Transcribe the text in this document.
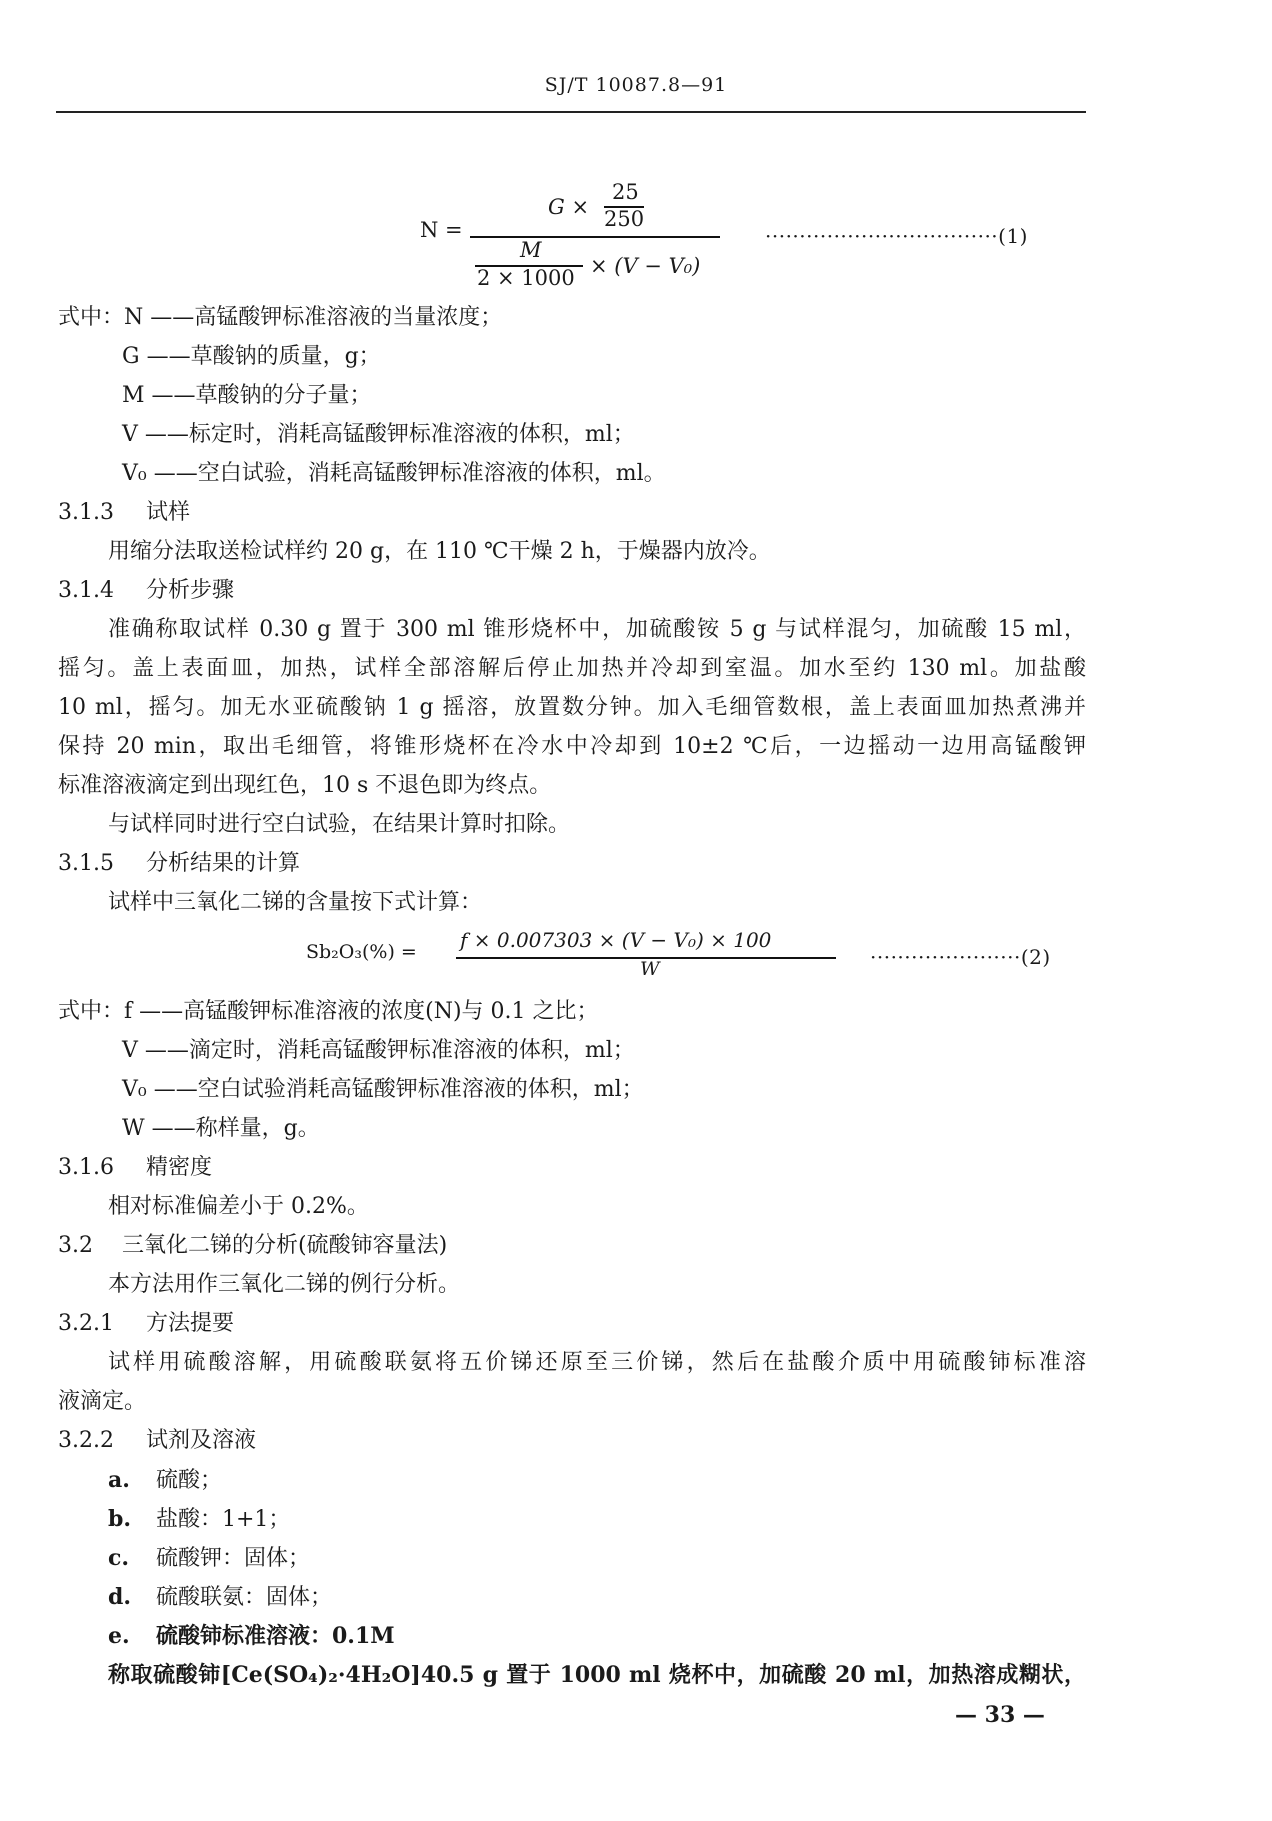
SJ/T 10087.8—91
N =
G ×
25
250
M
2 × 1000 × (V − V₀)
··································(1)
式中：N ——高锰酸钾标准溶液的当量浓度；
G ——草酸钠的质量，g；
M ——草酸钠的分子量；
V ——标定时，消耗高锰酸钾标准溶液的体积，ml；
V₀ ——空白试验，消耗高锰酸钾标准溶液的体积，ml。
3.1.3 试样
用缩分法取送检试样约 20 g，在 110 ℃干燥 2 h，于燥器内放冷。
3.1.4 分析步骤
准确称取试样 0.30 g 置于 300 ml 锥形烧杯中，加硫酸铵 5 g 与试样混匀，加硫酸 15 ml，
摇匀。盖上表面皿，加热，试样全部溶解后停止加热并冷却到室温。加水至约 130 ml。加盐酸
10 ml，摇匀。加无水亚硫酸钠 1 g 摇溶，放置数分钟。加入毛细管数根，盖上表面皿加热煮沸并
保持 20 min，取出毛细管，将锥形烧杯在冷水中冷却到 10±2 ℃后，一边摇动一边用高锰酸钾
标准溶液滴定到出现红色，10 s 不退色即为终点。
与试样同时进行空白试验，在结果计算时扣除。
3.1.5 分析结果的计算
试样中三氧化二锑的含量按下式计算：
Sb₂O₃(%) = f × 0.007303 × (V − V₀) × 100
W	······················(2)
式中：f ——高锰酸钾标准溶液的浓度(N)与 0.1 之比；
V ——滴定时，消耗高锰酸钾标准溶液的体积，ml；
V₀ ——空白试验消耗高锰酸钾标准溶液的体积，ml；
W ——称样量，g。
3.1.6 精密度
相对标准偏差小于 0.2%。
3.2 三氧化二锑的分析(硫酸铈容量法)
本方法用作三氧化二锑的例行分析。
3.2.1 方法提要
试样用硫酸溶解，用硫酸联氨将五价锑还原至三价锑，然后在盐酸介质中用硫酸铈标准溶
液滴定。
3.2.2 试剂及溶液
a. 硫酸；
b. 盐酸：1+1；
c. 硫酸钾：固体；
d. 硫酸联氨：固体；
e. 硫酸铈标准溶液：0.1M
称取硫酸铈[Ce(SO₄)₂·4H₂O]40.5 g 置于 1000 ml 烧杯中，加硫酸 20 ml，加热溶成糊状，
— 33 —
